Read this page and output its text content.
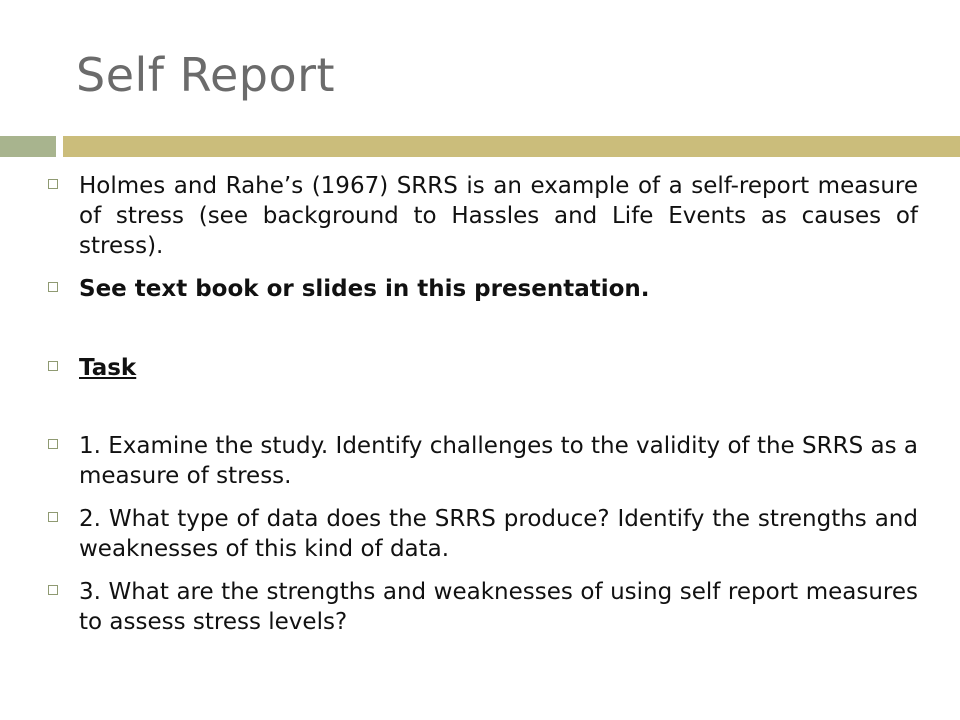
Self Report
Holmes and Rahe’s (1967) SRRS is an example of a self-report measure of stress (see background to Hassles and Life Events as causes of stress).
See text book or slides in this presentation.
Task
1. Examine the study. Identify challenges to the validity of the SRRS as a measure of stress.
2. What type of data does the SRRS produce? Identify the strengths and weaknesses of this kind of data.
3. What are the strengths and weaknesses of using self report measures to assess stress levels?
